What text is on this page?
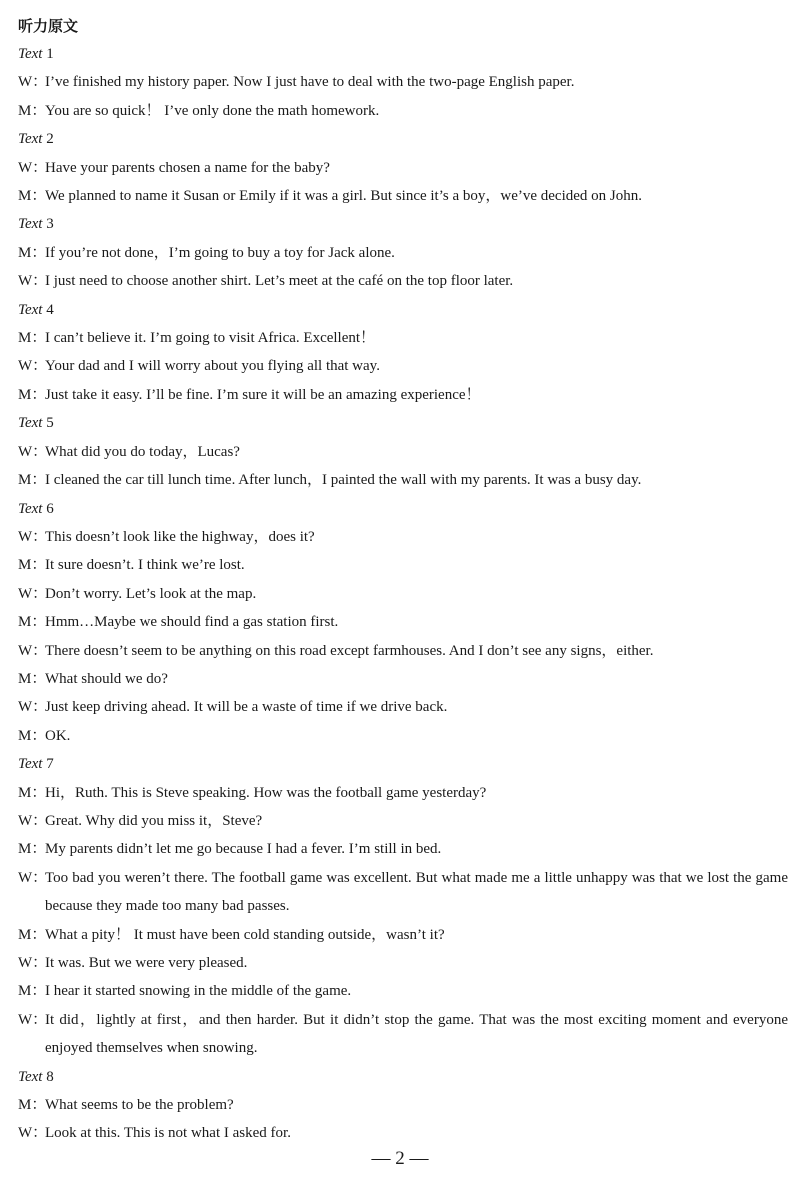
听力原文
Text 1
W：
I’ve finished my history paper. Now I just have to deal with the two-page English paper.
M：
You are so quick！ I’ve only done the math homework.
Text 2
W：
Have your parents chosen a name for the baby?
M：
We planned to name it Susan or Emily if it was a girl. But since it’s a boy，we’ve decided on John.
Text 3
M：
If you’re not done，I’m going to buy a toy for Jack alone.
W：
I just need to choose another shirt. Let’s meet at the café on the top floor later.
Text 4
M：
I can’t believe it. I’m going to visit Africa. Excellent！
W：
Your dad and I will worry about you flying all that way.
M：
Just take it easy. I’ll be fine. I’m sure it will be an amazing experience！
Text 5
W：
What did you do today，Lucas?
M：
I cleaned the car till lunch time. After lunch，I painted the wall with my parents. It was a busy day.
Text 6
W：
This doesn’t look like the highway，does it?
M：
It sure doesn’t. I think we’re lost.
W：
Don’t worry. Let’s look at the map.
M：
Hmm…Maybe we should find a gas station first.
W：
There doesn’t seem to be anything on this road except farmhouses. And I don’t see any signs，either.
M：
What should we do?
W：
Just keep driving ahead. It will be a waste of time if we drive back.
M：
OK.
Text 7
M：
Hi，Ruth. This is Steve speaking. How was the football game yesterday?
W：
Great. Why did you miss it，Steve?
M：
My parents didn’t let me go because I had a fever. I’m still in bed.
W：
Too bad you weren’t there. The football game was excellent. But what made me a little unhappy was that we lost the game because they made too many bad passes.
M：
What a pity！ It must have been cold standing outside，wasn’t it?
W：
It was. But we were very pleased.
M：
I hear it started snowing in the middle of the game.
W：
It did，lightly at first，and then harder. But it didn’t stop the game. That was the most exciting moment and everyone enjoyed themselves when snowing.
Text 8
M：
What seems to be the problem?
W：
Look at this. This is not what I asked for.
— 2 —
